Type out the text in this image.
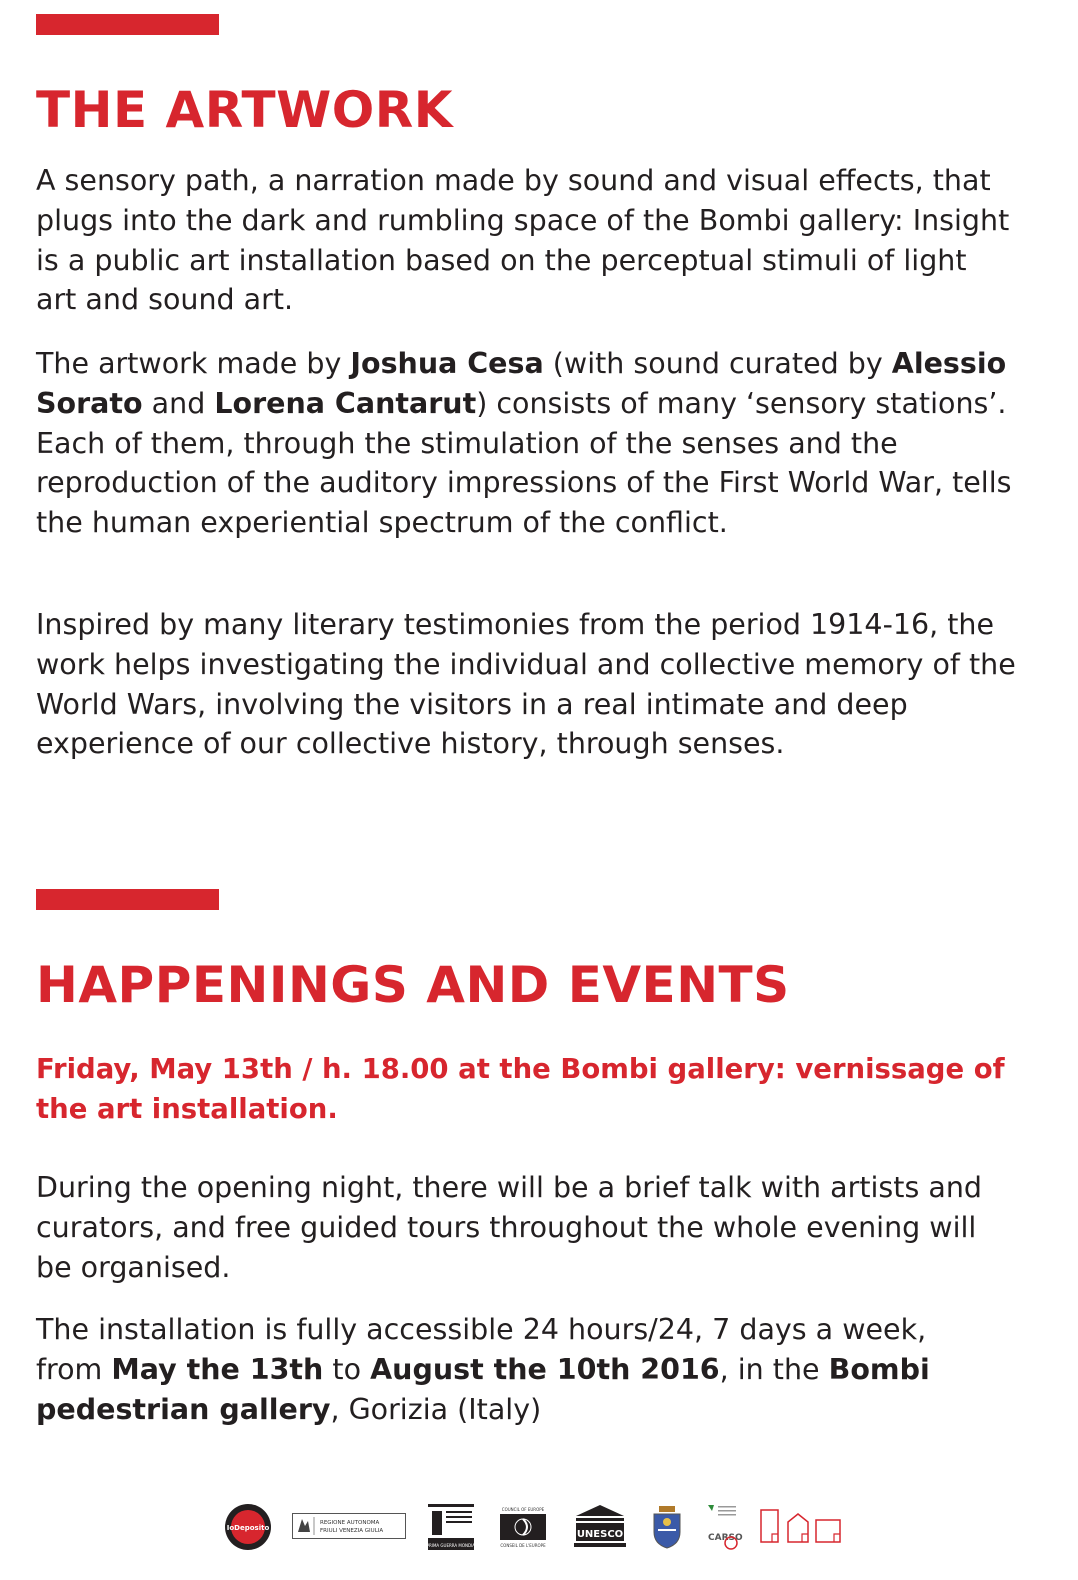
THE ARTWORK

A sensory path, a narration made by sound and visual effects, that plugs into the dark and rumbling space of the Bombi gallery: Insight is a public art installation based on the perceptual stimuli of light art and sound art.

The artwork made by Joshua Cesa (with sound curated by Alessio Sorato and Lorena Cantarut) consists of many ‘sensory stations’. Each of them, through the stimulation of the senses and the reproduction of the auditory impressions of the First World War, tells the human experiential spectrum of the conflict.

Inspired by many literary testimonies from the period 1914-16, the work helps investigating the individual and collective memory of the World Wars, involving the visitors in a real intimate and deep experience of our collective history, through senses.

HAPPENINGS AND EVENTS

Friday, May 13th / h. 18.00 at the Bombi gallery: vernissage of the art installation.

During the opening night, there will be a brief talk with artists and curators, and free guided tours throughout the whole evening will be organised.

The installation is fully accessible 24 hours/24, 7 days a week, from May the 13th to August the 10th 2016, in the Bombi pedestrian gallery, Gorizia (Italy)

IoDeposito
REGIONE AUTONOMA
FRIULI VENEZIA GIULIA
CENTENARIO PRIMA GUERRA MONDIALE 2014-2018
COUNCIL OF EUROPE
CONSEIL DE L'EUROPE
UNESCO	CARSO
